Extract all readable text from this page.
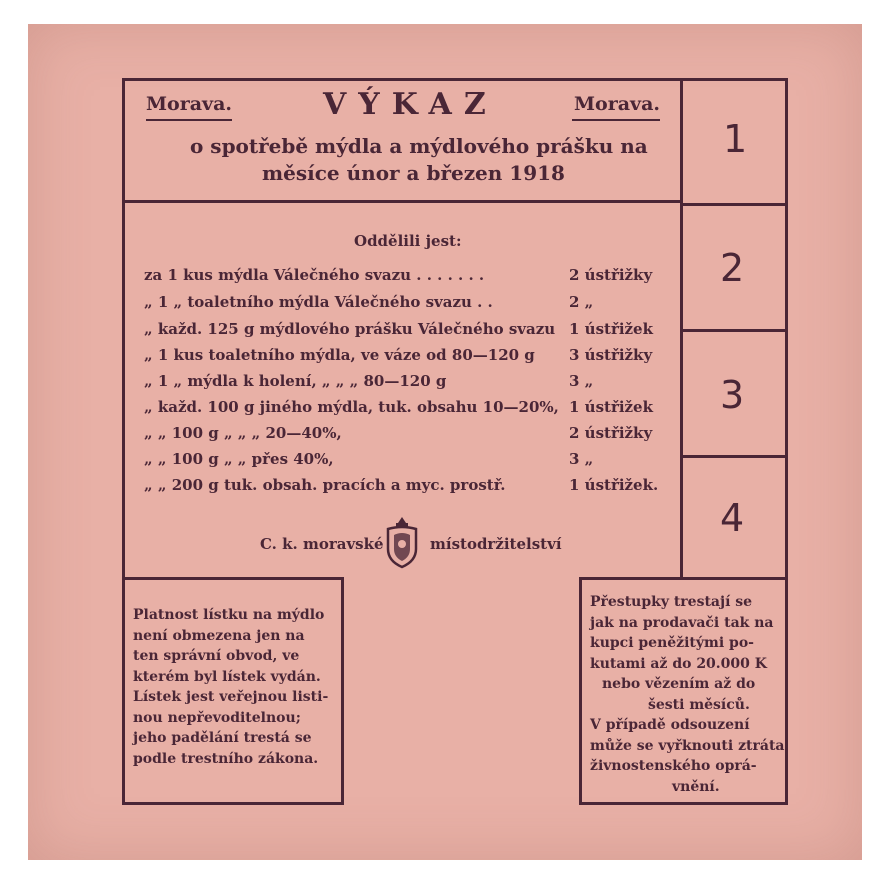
Morava.	Morava.
VÝKAZ
o spotřebě mýdla a mýdlového prášku na
měsíce únor a březen 1918
1
2
3
4
Oddělili jest:
za 1 kus mýdla Válečného svazu . . . . . . .	2 ústřižky
„ 1 „ toaletního mýdla Válečného svazu . .	2 „
„ každ. 125 g mýdlového prášku Válečného svazu 1 ústřižek
„ 1 kus toaletního mýdla, ve váze od 80—120 g 3 ústřižky
„ 1 „ mýdla k holení, „ „ „ 80—120 g	3 „
„ každ. 100 g jiného mýdla, tuk. obsahu 10—20%, 1 ústřižek
„ „ 100 g „ „ „ 20—40%,	2 ústřižky
„ „ 100 g „ „ přes 40%,	3 „
„ „ 200 g tuk. obsah. pracích a myc. prostř.	1 ústřižek.
C. k. moravské	místodržitelství
Platnost lístku na mýdlo
není obmezena jen na
ten správní obvod, ve
kterém byl lístek vydán.
Lístek jest veřejnou listi-
nou nepřevoditelnou;
jeho padělání trestá se
podle trestního zákona.
Přestupky trestají se
jak na prodavači tak na
kupci peněžitými po-
kutami až do 20.000 K
nebo vězením až do
šesti měsíců.
V případě odsouzení
může se vyřknouti ztráta
živnostenského oprá-
vnění.
